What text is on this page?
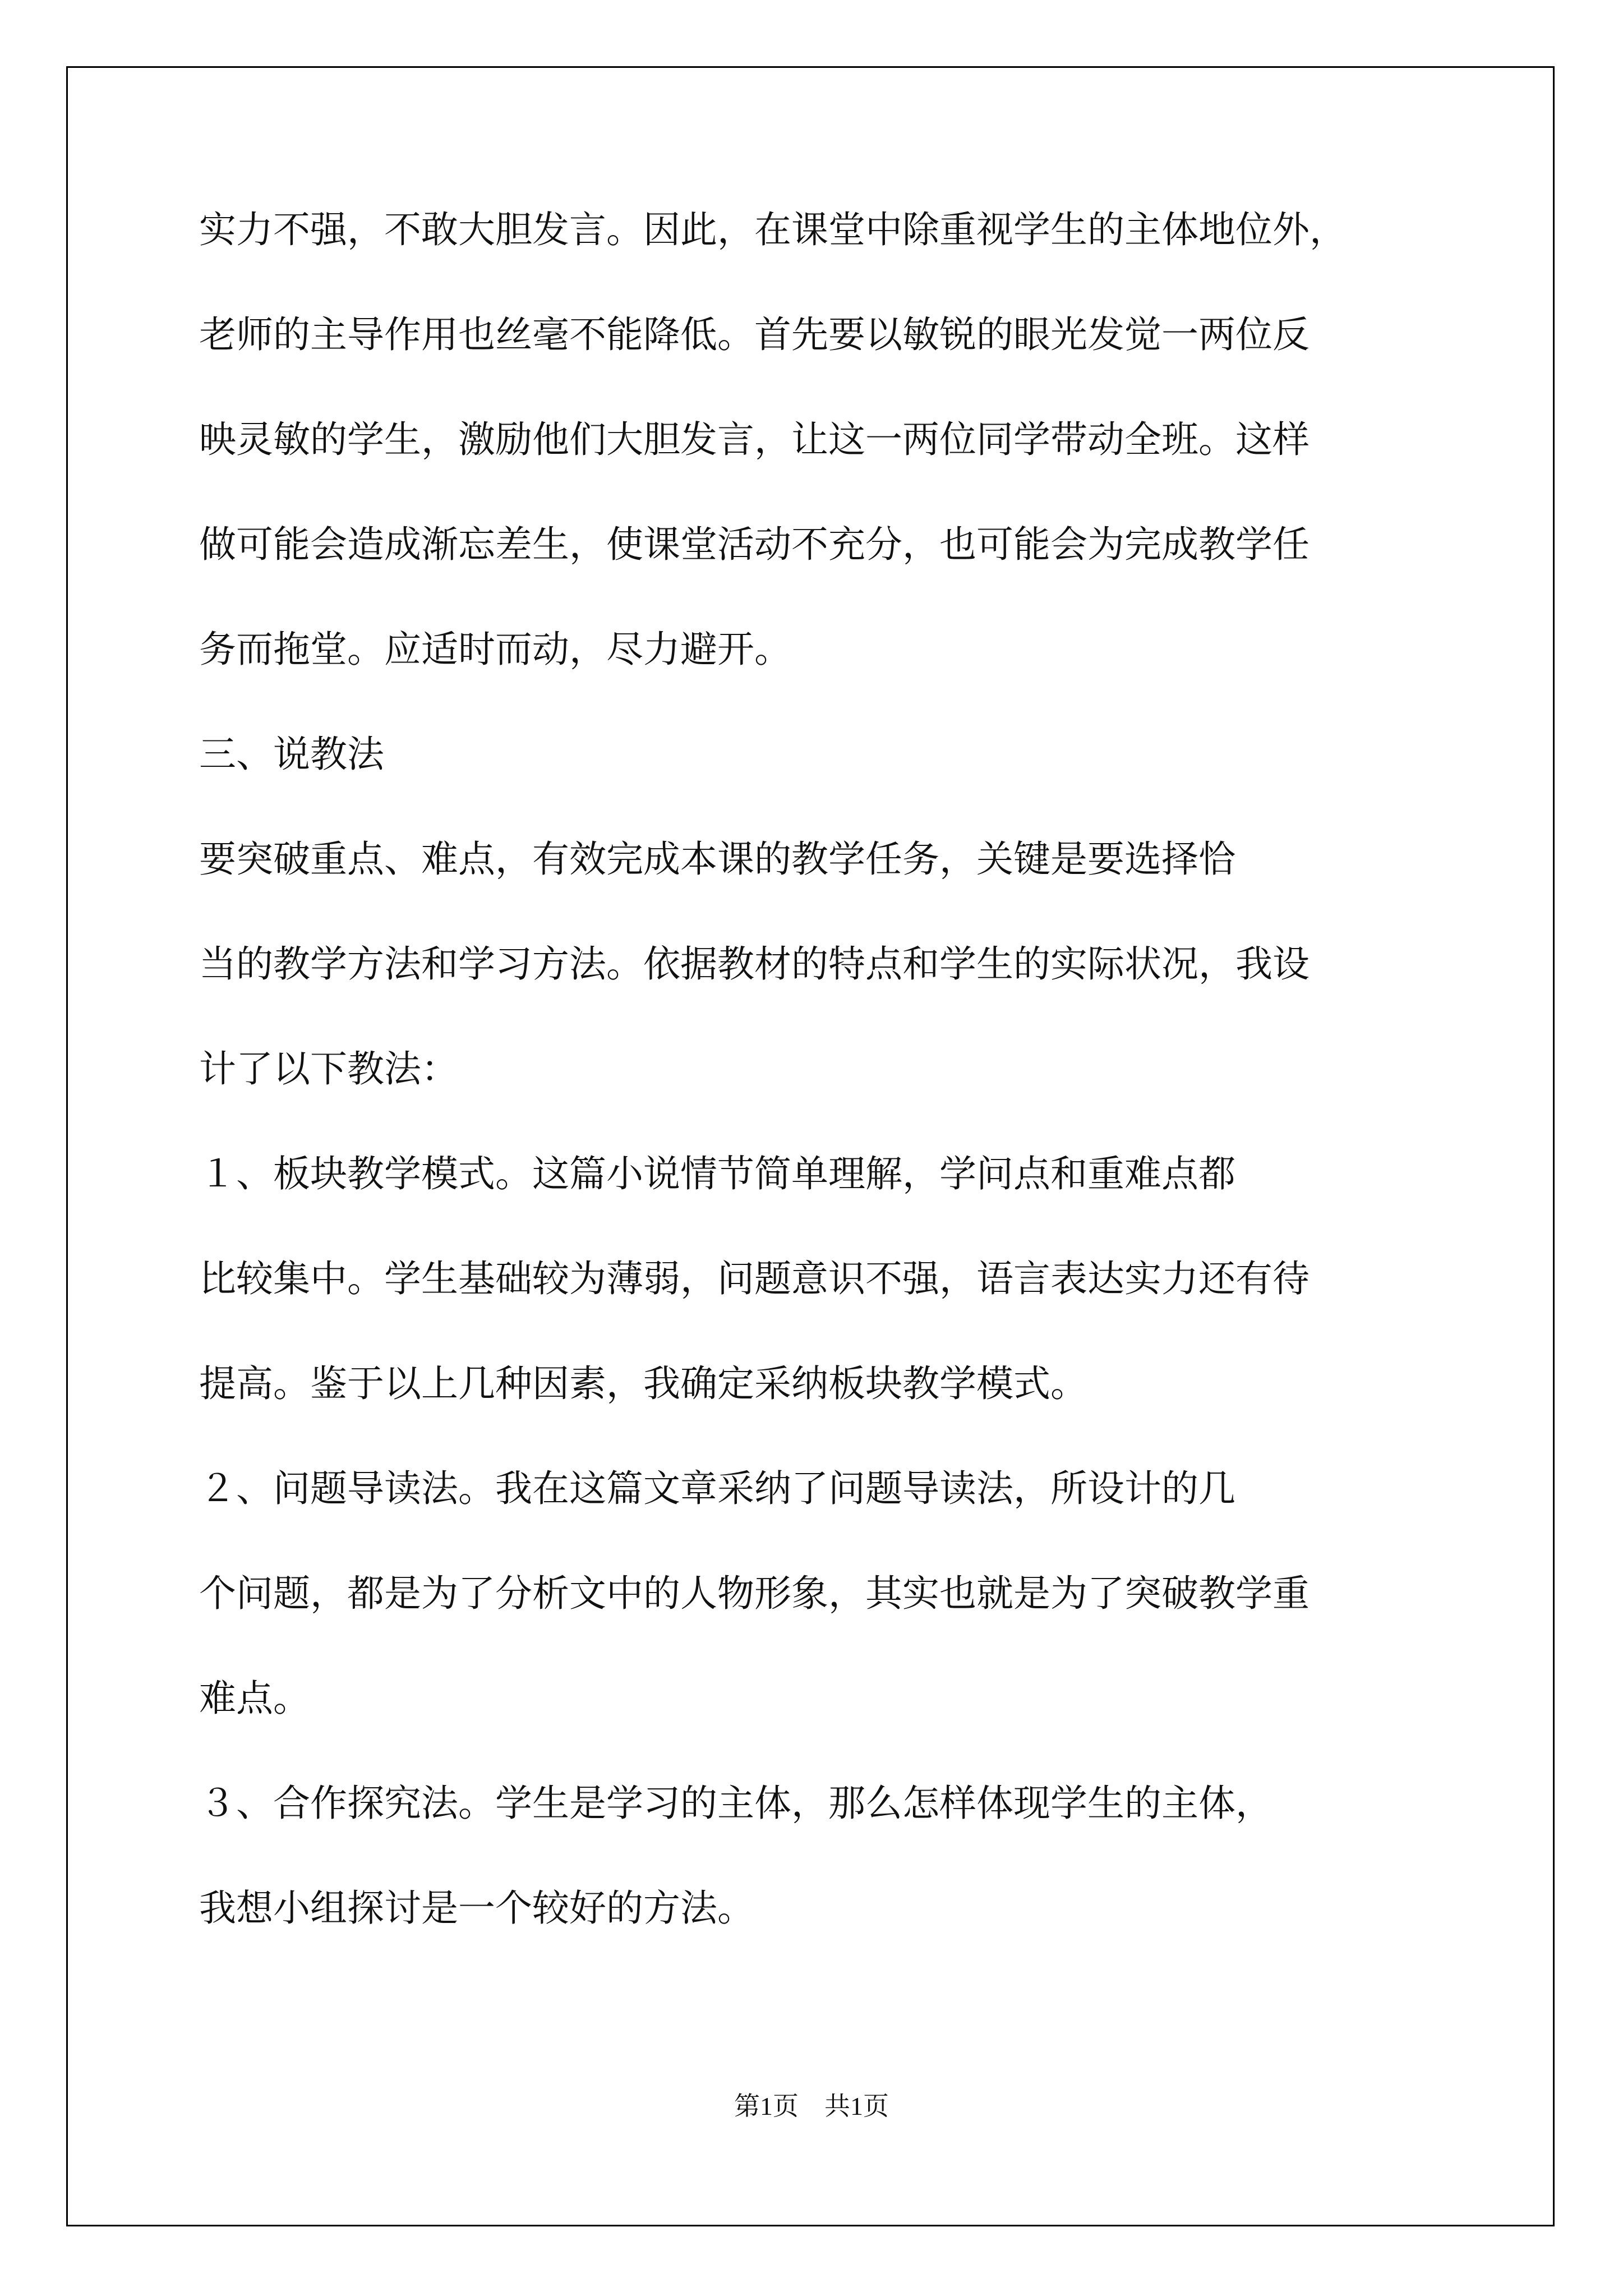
实力不强，不敢大胆发言。因此，在课堂中除重视学生的主体地位外，
老师的主导作用也丝毫不能降低。首先要以敏锐的眼光发觉一两位反
映灵敏的学生，激励他们大胆发言，让这一两位同学带动全班。这样
做可能会造成渐忘差生，使课堂活动不充分，也可能会为完成教学任
务而拖堂。应适时而动，尽力避开。
三、说教法
要突破重点、难点，有效完成本课的教学任务，关键是要选择恰
当的教学方法和学习方法。依据教材的特点和学生的实际状况，我设
计了以下教法：
１、板块教学模式。这篇小说情节简单理解，学问点和重难点都
比较集中。学生基础较为薄弱，问题意识不强，语言表达实力还有待
提高。鉴于以上几种因素，我确定采纳板块教学模式。
２、问题导读法。我在这篇文章采纳了问题导读法，所设计的几
个问题，都是为了分析文中的人物形象，其实也就是为了突破教学重
难点。
３、合作探究法。学生是学习的主体，那么怎样体现学生的主体，
我想小组探讨是一个较好的方法。
第1页　共1页
